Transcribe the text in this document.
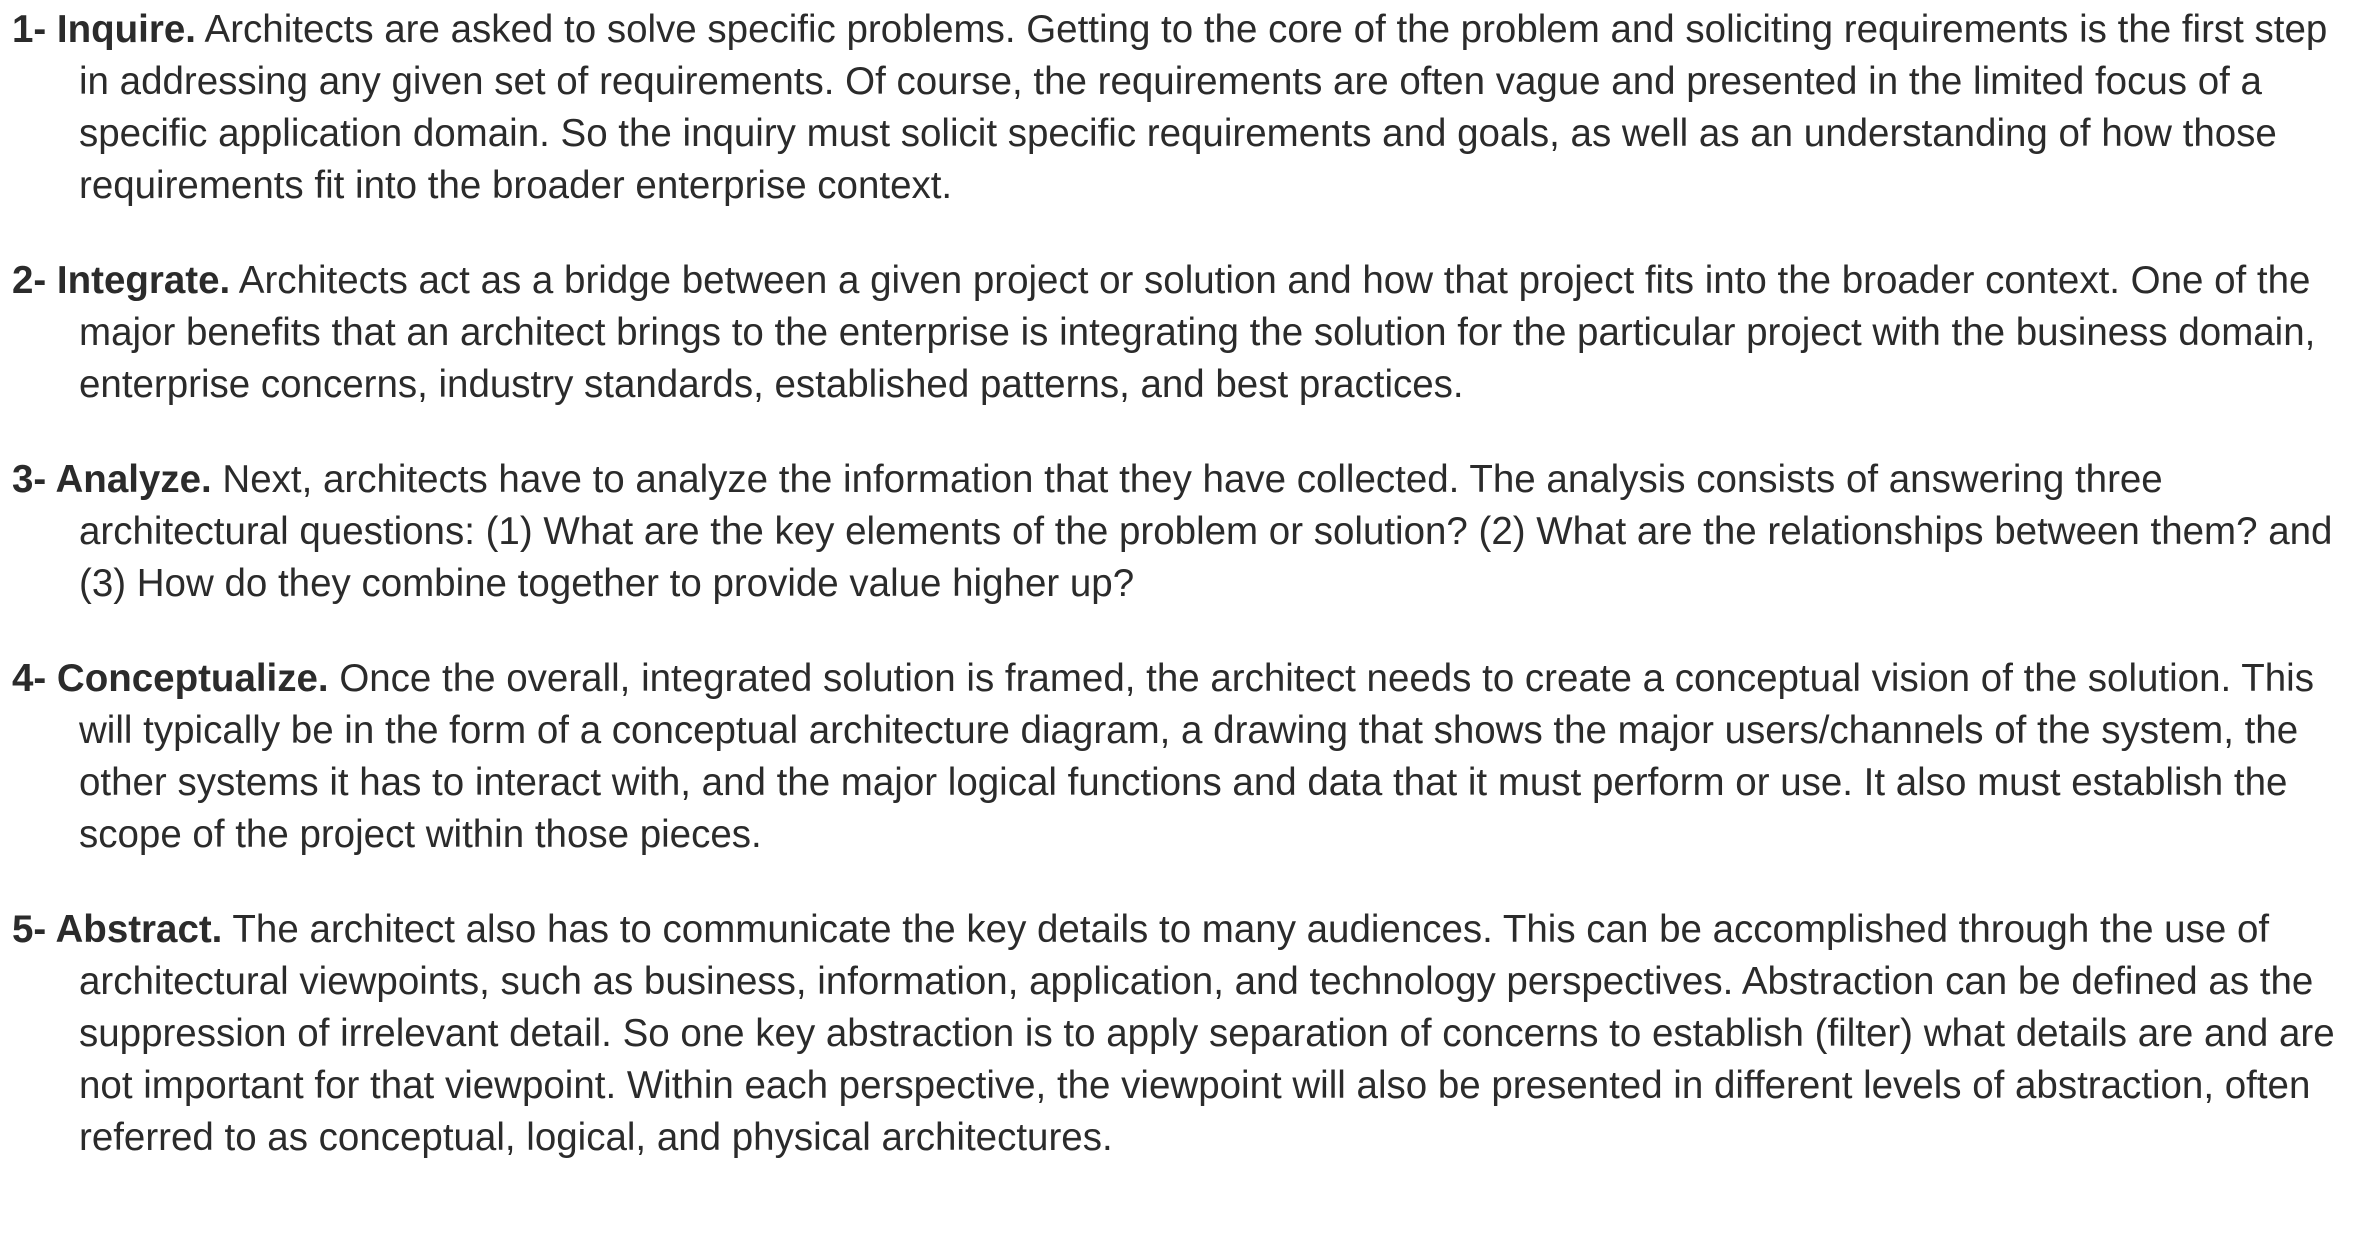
1- Inquire. Architects are asked to solve specific problems. Getting to the core of the problem and soliciting requirements is the first step in addressing any given set of requirements. Of course, the requirements are often vague and presented in the limited focus of a specific application domain. So the inquiry must solicit specific requirements and goals, as well as an understanding of how those requirements fit into the broader enterprise context.

2- Integrate. Architects act as a bridge between a given project or solution and how that project fits into the broader context. One of the major benefits that an architect brings to the enterprise is integrating the solution for the particular project with the business domain, enterprise concerns, industry standards, established patterns, and best practices.

3- Analyze. Next, architects have to analyze the information that they have collected. The analysis consists of answering three architectural questions: (1) What are the key elements of the problem or solution? (2) What are the relationships between them? and (3) How do they combine together to provide value higher up?

4- Conceptualize. Once the overall, integrated solution is framed, the architect needs to create a conceptual vision of the solution. This will typically be in the form of a conceptual architecture diagram, a drawing that shows the major users/channels of the system, the other systems it has to interact with, and the major logical functions and data that it must perform or use. It also must establish the scope of the project within those pieces.

5- Abstract. The architect also has to communicate the key details to many audiences. This can be accomplished through the use of architectural viewpoints, such as business, information, application, and technology perspectives. Abstraction can be defined as the suppression of irrelevant detail. So one key abstraction is to apply separation of concerns to establish (filter) what details are and are not important for that viewpoint. Within each perspective, the viewpoint will also be presented in different levels of abstraction, often referred to as conceptual, logical, and physical architectures.
